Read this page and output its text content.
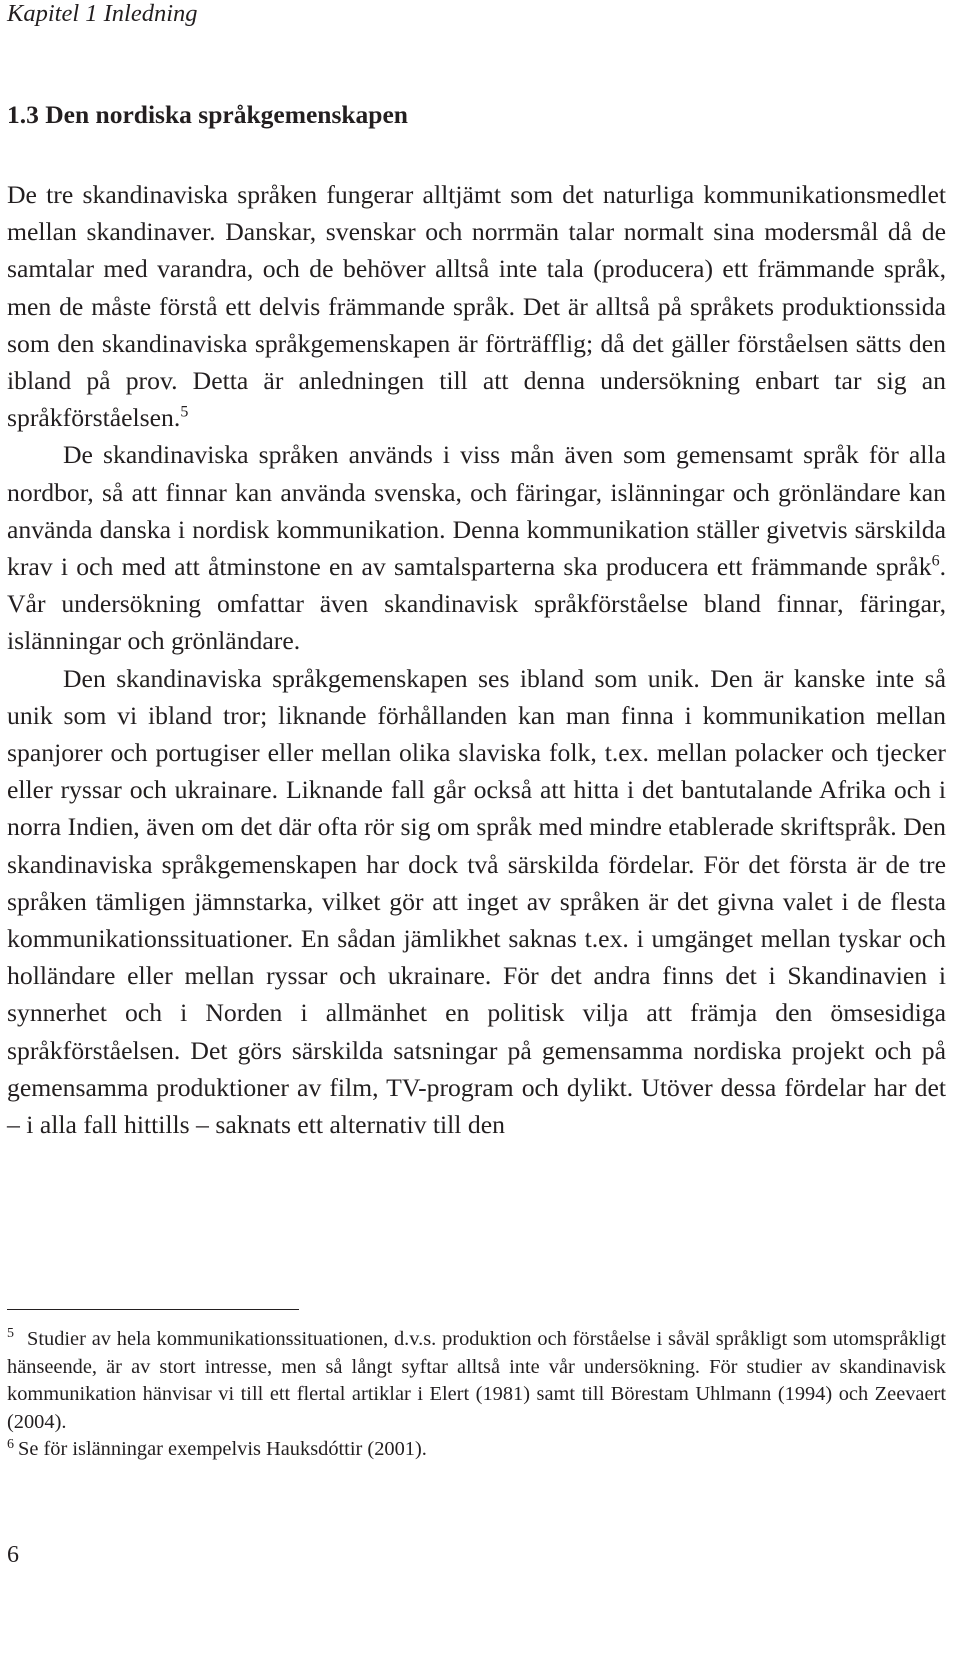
Kapitel 1 Inledning
1.3 Den nordiska språkgemenskapen

De tre skandinaviska språken fungerar alltjämt som det naturliga kommunikationsmedlet mellan skandinaver. Danskar, svenskar och norrmän talar normalt sina modersmål då de samtalar med varandra, och de behöver alltså inte tala (producera) ett främmande språk, men de måste förstå ett delvis främmande språk. Det är alltså på språkets produktionssida som den skandinaviska språkgemenskapen är förträfflig; då det gäller förståelsen sätts den ibland på prov. Detta är anledningen till att denna undersökning enbart tar sig an språkförståelsen.$^5$

De skandinaviska språken används i viss mån även som gemensamt språk för alla nordbor, så att finnar kan använda svenska, och färingar, islänningar och grönländare kan använda danska i nordisk kommunikation. Denna kommunikation ställer givetvis särskilda krav i och med att åtminstone en av samtalsparterna ska producera ett främmande språk$^6$. Vår undersökning omfattar även skandinavisk språkförståelse bland finnar, färingar, islänningar och grönländare.

Den skandinaviska språkgemenskapen ses ibland som unik. Den är kanske inte så unik som vi ibland tror; liknande förhållanden kan man finna i kommunikation mellan spanjorer och portugiser eller mellan olika slaviska folk, t.ex. mellan polacker och tjecker eller ryssar och ukrainare. Liknande fall går också att hitta i det bantutalande Afrika och i norra Indien, även om det där ofta rör sig om språk med mindre etablerade skriftspråk. Den skandinaviska språkgemenskapen har dock två särskilda fördelar. För det första är de tre språken tämligen jämnstarka, vilket gör att inget av språken är det givna valet i de flesta kommunikationssituationer. En sådan jämlikhet saknas t.ex. i umgänget mellan tyskar och holländare eller mellan ryssar och ukrainare. För det andra finns det i Skandinavien i synnerhet och i Norden i allmänhet en politisk vilja att främja den ömsesidiga språkförståelsen. Det görs särskilda satsningar på gemensamma nordiska projekt och på gemensamma produktioner av film, TV-program och dylikt. Utöver dessa fördelar har det – i alla fall hittills – saknats ett alternativ till den

$^5$ Studier av hela kommunikationssituationen, d.v.s. produktion och förståelse i såväl språkligt som utomspråkligt hänseende, är av stort intresse, men så långt syftar alltså inte vår undersökning. För studier av skandinavisk kommunikation hänvisar vi till ett flertal artiklar i Elert (1981) samt till Börestam Uhlmann (1994) och Zeevaert (2004).

$^6$ Se för islänningar exempelvis Hauksdóttir (2001).

6
